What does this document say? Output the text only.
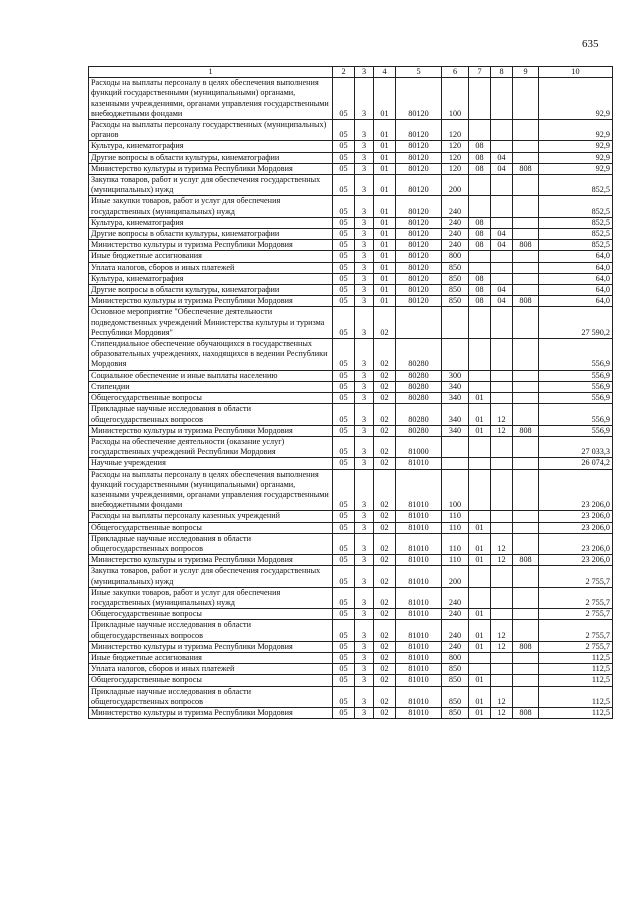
635
1	2	3	4	5	6	7	8	9	10
Расходы на выплаты персоналу в целях обеспечения выполнения функций государственными (муниципальными) органами, казенными учреждениями, органами управления государственными внебюджетными фондами	05	3	01	80120	100				92,9
Расходы на выплаты персоналу государственных (муниципальных) органов	05	3	01	80120	120				92,9
Культура, кинематография	05	3	01	80120	120	08			92,9
Другие вопросы в области культуры, кинематографии	05	3	01	80120	120	08	04		92,9
Министерство культуры и туризма Республики Мордовия	05	3	01	80120	120	08	04	808	92,9
Закупка товаров, работ и услуг для обеспечения государственных (муниципальных) нужд	05	3	01	80120	200				852,5
Иные закупки товаров, работ и услуг для обеспечения государственных (муниципальных) нужд	05	3	01	80120	240				852,5
Культура, кинематография	05	3	01	80120	240	08			852,5
Другие вопросы в области культуры, кинематографии	05	3	01	80120	240	08	04		852,5
Министерство культуры и туризма Республики Мордовия	05	3	01	80120	240	08	04	808	852,5
Иные бюджетные ассигнования	05	3	01	80120	800				64,0
Уплата налогов, сборов и иных платежей	05	3	01	80120	850				64,0
Культура, кинематография	05	3	01	80120	850	08			64,0
Другие вопросы в области культуры, кинематографии	05	3	01	80120	850	08	04		64,0
Министерство культуры и туризма Республики Мордовия	05	3	01	80120	850	08	04	808	64,0
Основное мероприятие "Обеспечение деятельности подведомственных учреждений Министерства культуры и туризма Республики Мордовия"	05	3	02						27 590,2
Стипендиальное обеспечение обучающихся в государственных образовательных учреждениях, находящихся в ведении Республики Мордовия	05	3	02	80280					556,9
Социальное обеспечение и иные выплаты населению	05	3	02	80280	300				556,9
Стипендии	05	3	02	80280	340				556,9
Общегосударственные вопросы	05	3	02	80280	340	01			556,9
Прикладные научные исследования в области общегосударственных вопросов	05	3	02	80280	340	01	12		556,9
Министерство культуры и туризма Республики Мордовия	05	3	02	80280	340	01	12	808	556,9
Расходы на обеспечение деятельности (оказание услуг) государственных учреждений Республики Мордовия	05	3	02	81000					27 033,3
Научные учреждения	05	3	02	81010					26 074,2
Расходы на выплаты персоналу в целях обеспечения выполнения функций государственными (муниципальными) органами, казенными учреждениями, органами управления государственными внебюджетными фондами	05	3	02	81010	100				23 206,0
Расходы на выплаты персоналу казенных учреждений	05	3	02	81010	110				23 206,0
Общегосударственные вопросы	05	3	02	81010	110	01			23 206,0
Прикладные научные исследования в области общегосударственных вопросов	05	3	02	81010	110	01	12		23 206,0
Министерство культуры и туризма Республики Мордовия	05	3	02	81010	110	01	12	808	23 206,0
Закупка товаров, работ и услуг для обеспечения государственных (муниципальных) нужд	05	3	02	81010	200				2 755,7
Иные закупки товаров, работ и услуг для обеспечения государственных (муниципальных) нужд	05	3	02	81010	240				2 755,7
Общегосударственные вопросы	05	3	02	81010	240	01			2 755,7
Прикладные научные исследования в области общегосударственных вопросов	05	3	02	81010	240	01	12		2 755,7
Министерство культуры и туризма Республики Мордовия	05	3	02	81010	240	01	12	808	2 755,7
Иные бюджетные ассигнования	05	3	02	81010	800				112,5
Уплата налогов, сборов и иных платежей	05	3	02	81010	850				112,5
Общегосударственные вопросы	05	3	02	81010	850	01			112,5
Прикладные научные исследования в области общегосударственных вопросов	05	3	02	81010	850	01	12		112,5
Министерство культуры и туризма Республики Мордовия	05	3	02	81010	850	01	12	808	112,5
